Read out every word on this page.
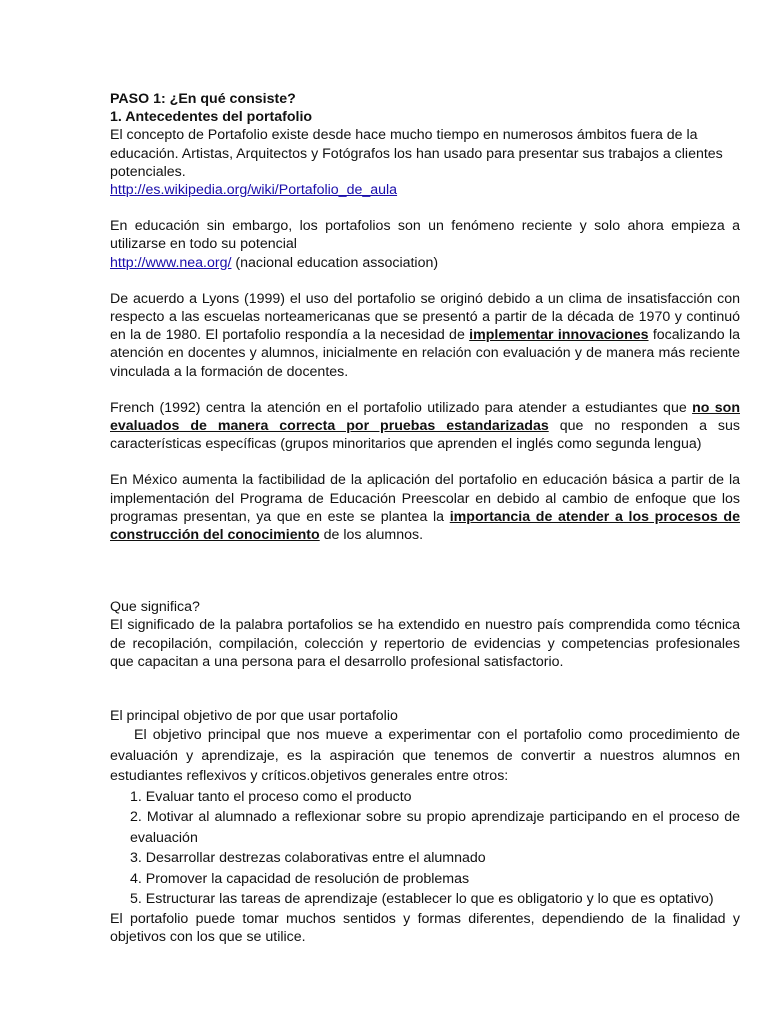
PASO 1: ¿En qué consiste?

1. Antecedentes del portafolio

El concepto de Portafolio existe desde hace mucho tiempo en numerosos ámbitos fuera de la educación. Artistas, Arquitectos y Fotógrafos los han usado para presentar sus trabajos a clientes potenciales.

http://es.wikipedia.org/wiki/Portafolio_de_aula

En educación sin embargo, los portafolios son un fenómeno reciente y solo ahora empieza a utilizarse en todo su potencial

http://www.nea.org/ (nacional education association)

De acuerdo a Lyons (1999) el uso del portafolio se originó debido a un clima de insatisfacción con respecto a las escuelas norteamericanas que se presentó a partir de la década de 1970 y continuó en la de 1980. El portafolio respondía a la necesidad de implementar innovaciones focalizando la atención en docentes y alumnos, inicialmente en relación con evaluación y de manera más reciente vinculada a la formación de docentes.

French (1992) centra la atención en el portafolio utilizado para atender a estudiantes que no son evaluados de manera correcta por pruebas estandarizadas que no responden a sus características específicas (grupos minoritarios que aprenden el inglés como segunda lengua)

En México aumenta la factibilidad de la aplicación del portafolio en educación básica a partir de la implementación del Programa de Educación Preescolar en debido al cambio de enfoque que los programas presentan, ya que en este se plantea la importancia de atender a los procesos de construcción del conocimiento de los alumnos.

Que significa?

El significado de la palabra portafolios se ha extendido en nuestro país comprendida como técnica de recopilación, compilación, colección y repertorio de evidencias y competencias profesionales que capacitan a una persona para el desarrollo profesional satisfactorio.

El principal objetivo de por que usar portafolio

El objetivo principal que nos mueve a experimentar con el portafolio como procedimiento de evaluación y aprendizaje, es la aspiración que tenemos de convertir a nuestros alumnos en estudiantes reflexivos y críticos.objetivos generales entre otros:

1. Evaluar tanto el proceso como el producto

2. Motivar al alumnado a reflexionar sobre su propio aprendizaje participando en el proceso de evaluación

3. Desarrollar destrezas colaborativas entre el alumnado

4. Promover la capacidad de resolución de problemas

5. Estructurar las tareas de aprendizaje (establecer lo que es obligatorio y lo que es optativo)

El portafolio puede tomar muchos sentidos y formas diferentes, dependiendo de la finalidad y objetivos con los que se utilice.
